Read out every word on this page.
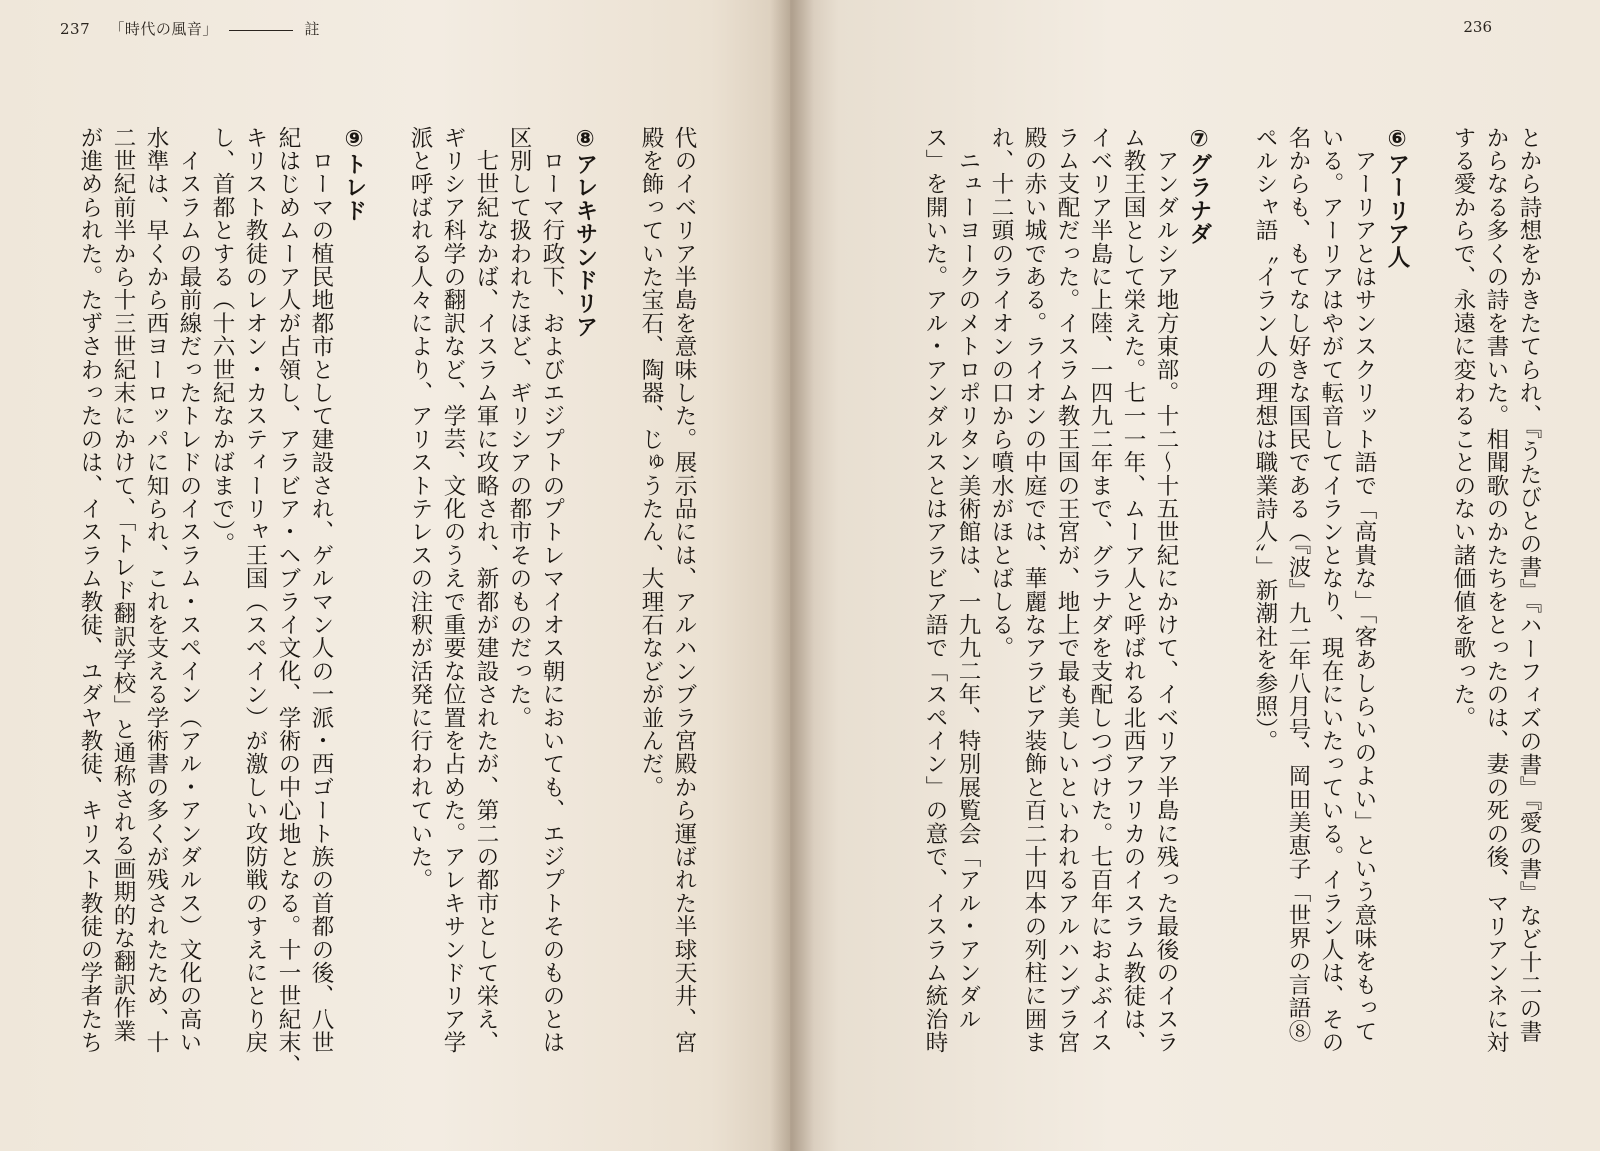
237 「時代の風音」	註
代のイベリア半島を意味した。展示品には、アルハンブラ宮殿から運ばれた半球天井、宮
殿を飾っていた宝石、陶器、じゅうたん、大理石などが並んだ。
⑧アレキサンドリア
　ローマ行政下、およびエジプトのプトレマイオス朝においても、エジプトそのものとは
区別して扱われたほど、ギリシアの都市そのものだった。
　七世紀なかば、イスラム軍に攻略され、新都が建設されたが、第二の都市として栄え、
ギリシア科学の翻訳など、学芸、文化のうえで重要な位置を占めた。アレキサンドリア学
派と呼ばれる人々により、アリストテレスの注釈が活発に行われていた。
⑨トレド
　ローマの植民地都市として建設され、ゲルマン人の一派・西ゴート族の首都の後、八世
紀はじめムーア人が占領し、アラビア・ヘブライ文化、学術の中心地となる。十一世紀末、
キリスト教徒のレオン・カスティーリャ王国（スペイン）が激しい攻防戦のすえにとり戻
し、首都とする（十六世紀なかばまで）。
　イスラムの最前線だったトレドのイスラム・スペイン（アル・アンダルス）文化の高い
水準は、早くから西ヨーロッパに知られ、これを支える学術書の多くが残されたため、十
二世紀前半から十三世紀末にかけて、「トレド翻訳学校」と通称される画期的な翻訳作業
が進められた。たずさわったのは、イスラム教徒、ユダヤ教徒、キリスト教徒の学者たち
236
とから詩想をかきたてられ、『うたびとの書』『ハーフィズの書』『愛の書』など十二の書
からなる多くの詩を書いた。相聞歌のかたちをとったのは、妻の死の後、マリアンネに対
する愛からで、永遠に変わることのない諸価値を歌った。
⑥アーリア人
　アーリアとはサンスクリット語で「高貴な」「客あしらいのよい」という意味をもって
いる。アーリアはやがて転音してイランとなり、現在にいたっている。イラン人は、その
名からも、もてなし好きな国民である（『波』九二年八月号、岡田美恵子「世界の言語⑧
ペルシャ語〝イラン人の理想は職業詩人〟」新潮社を参照）。
⑦グラナダ
　アンダルシア地方東部。十二～十五世紀にかけて、イベリア半島に残った最後のイスラ
ム教王国として栄えた。七一一年、ムーア人と呼ばれる北西アフリカのイスラム教徒は、
イベリア半島に上陸、一四九二年まで、グラナダを支配しつづけた。七百年におよぶイス
ラム支配だった。イスラム教王国の王宮が、地上で最も美しいといわれるアルハンブラ宮
殿の赤い城である。ライオンの中庭では、華麗なアラビア装飾と百二十四本の列柱に囲ま
れ、十二頭のライオンの口から噴水がほとばしる。
　ニューヨークのメトロポリタン美術館は、一九九二年、特別展覧会「アル・アンダル
ス」を開いた。アル・アンダルスとはアラビア語で「スペイン」の意で、イスラム統治時
